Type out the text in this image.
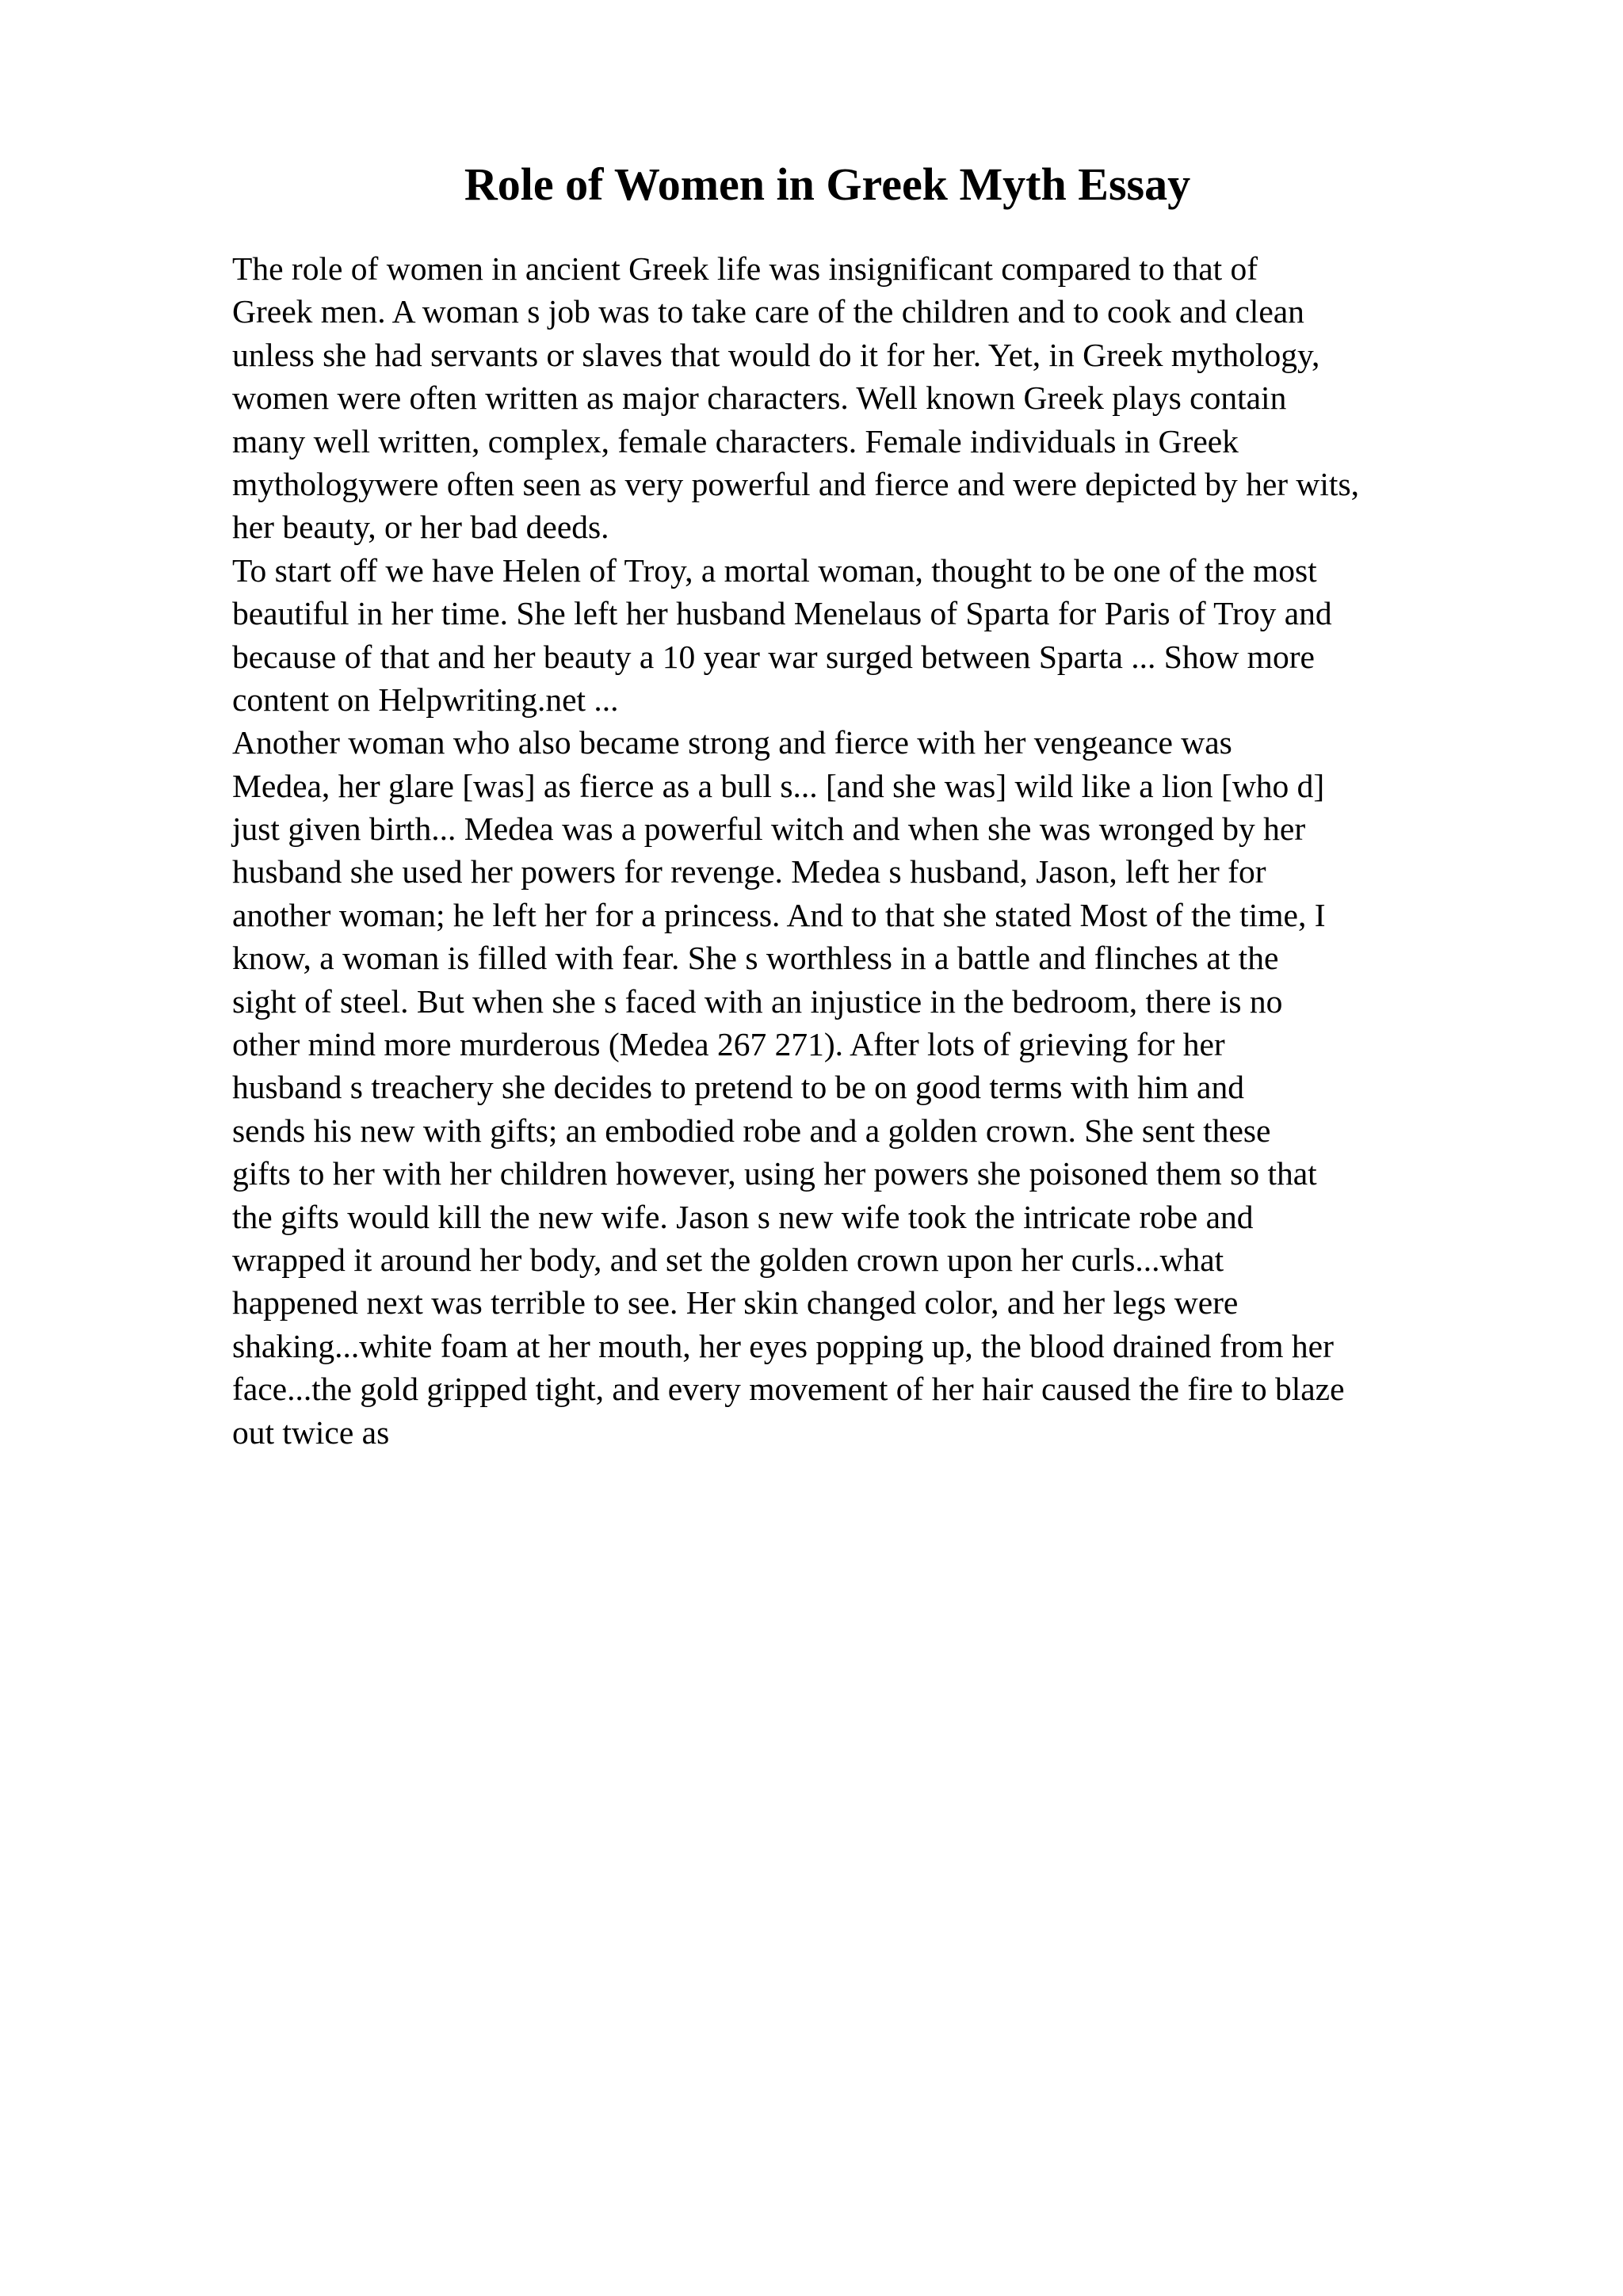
Role of Women in Greek Myth Essay
The role of women in ancient Greek life was insignificant compared to that of
Greek men. A woman s job was to take care of the children and to cook and clean
unless she had servants or slaves that would do it for her. Yet, in Greek mythology,
women were often written as major characters. Well known Greek plays contain
many well written, complex, female characters. Female individuals in Greek
mythologywere often seen as very powerful and fierce and were depicted by her wits,
her beauty, or her bad deeds.
To start off we have Helen of Troy, a mortal woman, thought to be one of the most
beautiful in her time. She left her husband Menelaus of Sparta for Paris of Troy and
because of that and her beauty a 10 year war surged between Sparta ... Show more
content on Helpwriting.net ...
Another woman who also became strong and fierce with her vengeance was
Medea, her glare [was] as fierce as a bull s... [and she was] wild like a lion [who d]
just given birth... Medea was a powerful witch and when she was wronged by her
husband she used her powers for revenge. Medea s husband, Jason, left her for
another woman; he left her for a princess. And to that she stated Most of the time, I
know, a woman is filled with fear. She s worthless in a battle and flinches at the
sight of steel. But when she s faced with an injustice in the bedroom, there is no
other mind more murderous (Medea 267 271). After lots of grieving for her
husband s treachery she decides to pretend to be on good terms with him and
sends his new with gifts; an embodied robe and a golden crown. She sent these
gifts to her with her children however, using her powers she poisoned them so that
the gifts would kill the new wife. Jason s new wife took the intricate robe and
wrapped it around her body, and set the golden crown upon her curls...what
happened next was terrible to see. Her skin changed color, and her legs were
shaking...white foam at her mouth, her eyes popping up, the blood drained from her
face...the gold gripped tight, and every movement of her hair caused the fire to blaze
out twice as
